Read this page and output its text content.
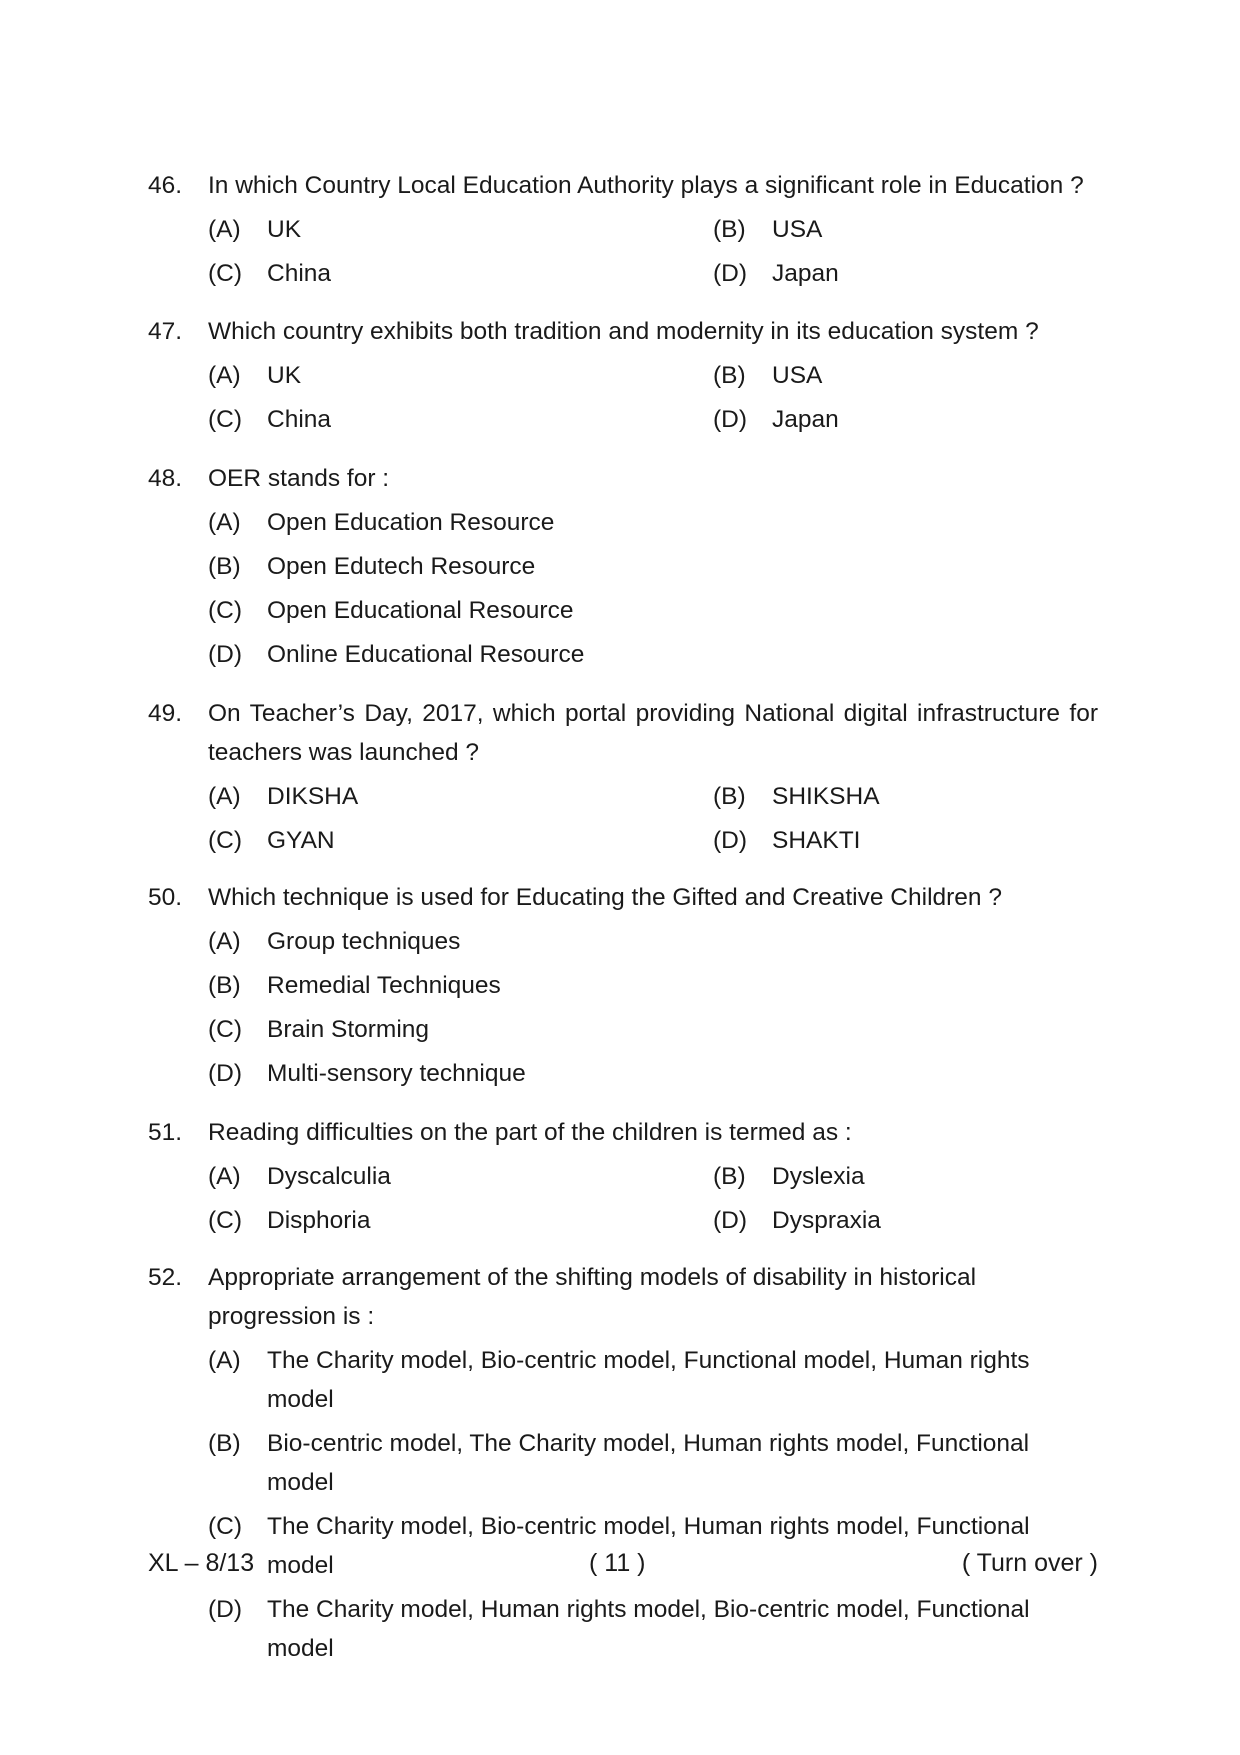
46.	In which Country Local Education Authority plays a significant role in Education ?
(A)	UK	(B)	USA
(C)	China	(D)	Japan
47.	Which country exhibits both tradition and modernity in its education system ?
(A)	UK	(B)	USA
(C)	China	(D)	Japan
48.	OER stands for :
(A)	Open Education Resource
(B)	Open Edutech Resource
(C)	Open Educational Resource
(D)	Online Educational Resource
49.	On Teacher’s Day, 2017, which portal providing National digital infrastructure for teachers was launched ?
(A)	DIKSHA	(B)	SHIKSHA
(C)	GYAN	(D)	SHAKTI
50.	Which technique is used for Educating the Gifted and Creative Children ?
(A)	Group techniques
(B)	Remedial Techniques
(C)	Brain Storming
(D)	Multi-sensory technique
51.	Reading difficulties on the part of the children is termed as :
(A)	Dyscalculia	(B)	Dyslexia
(C)	Disphoria	(D)	Dyspraxia
52.	Appropriate arrangement of the shifting models of disability in historical progression is :
(A)	The Charity model, Bio-centric model, Functional model, Human rights model
(B)	Bio-centric model, The Charity model, Human rights model, Functional model
(C)	The Charity model, Bio-centric model, Human rights model, Functional model
(D)	The Charity model, Human rights model, Bio-centric model, Functional model
XL – 8/13	( 11 )	( Turn over )
